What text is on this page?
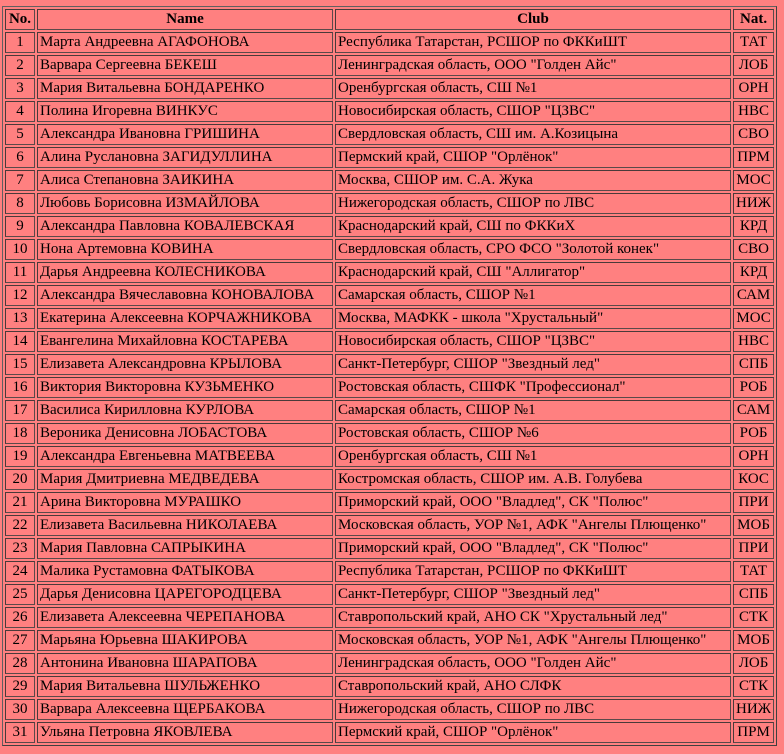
No.	Name	Club	Nat.
1	Марта Андреевна АГАФОНОВА	Республика Татарстан, РСШОР по ФККиШТ	ТАТ
2	Варвара Сергеевна БЕКЕШ	Ленинградская область, ООО "Голден Айс"	ЛОБ
3	Мария Витальевна БОНДАРЕНКО	Оренбургская область, СШ №1	ОРН
4	Полина Игоревна ВИНКУС	Новосибирская область, СШОР "ЦЗВС"	НВС
5	Александра Ивановна ГРИШИНА	Свердловская область, СШ им. А.Козицына	СВО
6	Алина Руслановна ЗАГИДУЛЛИНА	Пермский край, СШОР "Орлёнок"	ПРМ
7	Алиса Степановна ЗАИКИНА	Москва, СШОР им. С.А. Жука	МОС
8	Любовь Борисовна ИЗМАЙЛОВА	Нижегородская область, СШОР по ЛВС	НИЖ
9	Александра Павловна КОВАЛЕВСКАЯ	Краснодарский край, СШ по ФККиХ	КРД
10	Нона Артемовна КОВИНА	Свердловская область, СРО ФСО "Золотой конек"	СВО
11	Дарья Андреевна КОЛЕСНИКОВА	Краснодарский край, СШ "Аллигатор"	КРД
12	Александра Вячеславовна КОНОВАЛОВА	Самарская область, СШОР №1	САМ
13	Екатерина Алексеевна КОРЧАЖНИКОВА	Москва, МАФКК - школа "Хрустальный"	МОС
14	Евангелина Михайловна КОСТАРЕВА	Новосибирская область, СШОР "ЦЗВС"	НВС
15	Елизавета Александровна КРЫЛОВА	Санкт-Петербург, СШОР "Звездный лед"	СПБ
16	Виктория Викторовна КУЗЬМЕНКО	Ростовская область, СШФК "Профессионал"	РОБ
17	Василиса Кирилловна КУРЛОВА	Самарская область, СШОР №1	САМ
18	Вероника Денисовна ЛОБАСТОВА	Ростовская область, СШОР №6	РОБ
19	Александра Евгеньевна МАТВЕЕВА	Оренбургская область, СШ №1	ОРН
20	Мария Дмитриевна МЕДВЕДЕВА	Костромская область, СШОР им. А.В. Голубева	КОС
21	Арина Викторовна МУРАШКО	Приморский край, ООО "Владлед", СК "Полюс"	ПРИ
22	Елизавета Васильевна НИКОЛАЕВА	Московская область, УОР №1, АФК "Ангелы Плющенко"	МОБ
23	Мария Павловна САПРЫКИНА	Приморский край, ООО "Владлед", СК "Полюс"	ПРИ
24	Малика Рустамовна ФАТЫКОВА	Республика Татарстан, РСШОР по ФККиШТ	ТАТ
25	Дарья Денисовна ЦАРЕГОРОДЦЕВА	Санкт-Петербург, СШОР "Звездный лед"	СПБ
26	Елизавета Алексеевна ЧЕРЕПАНОВА	Ставропольский край, АНО СК "Хрустальный лед"	СТК
27	Марьяна Юрьевна ШАКИРОВА	Московская область, УОР №1, АФК "Ангелы Плющенко"	МОБ
28	Антонина Ивановна ШАРАПОВА	Ленинградская область, ООО "Голден Айс"	ЛОБ
29	Мария Витальевна ШУЛЬЖЕНКО	Ставропольский край, АНО СЛФК	СТК
30	Варвара Алексеевна ЩЕРБАКОВА	Нижегородская область, СШОР по ЛВС	НИЖ
31	Ульяна Петровна ЯКОВЛЕВА	Пермский край, СШОР "Орлёнок"	ПРМ
